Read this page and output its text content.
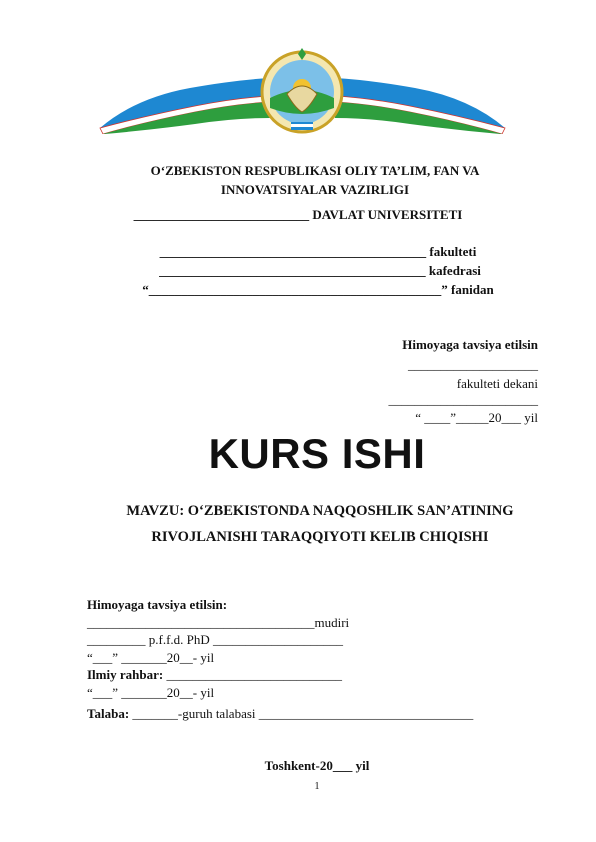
O‘ZBEKISTON RESPUBLIKASI OLIY TA’LIM, FAN VA
INNOVATSIYALAR VAZIRLIGI
___________________________ DAVLAT UNIVERSITETI
_________________________________________ fakulteti
_________________________________________ kafedrasi
“_____________________________________________” fanidan
Himoyaga tavsiya etilsin
____________________
fakulteti dekani
_______________________
“ ____”_____20___ yil
KURS ISHI
MAVZU: O‘ZBEKISTONDA NAQQOSHLIK SAN’ATINING
RIVOJLANISHI TARAQQIYOTI KELIB CHIQISHI
Himoyaga tavsiya etilsin:
___________________________________mudiri
_________ p.f.f.d. PhD ____________________
“___” _______20__- yil
Ilmiy rahbar: ___________________________
“___” _______20__- yil
Talaba: _______-guruh talabasi _________________________________
Toshkent-20___ yil
1
